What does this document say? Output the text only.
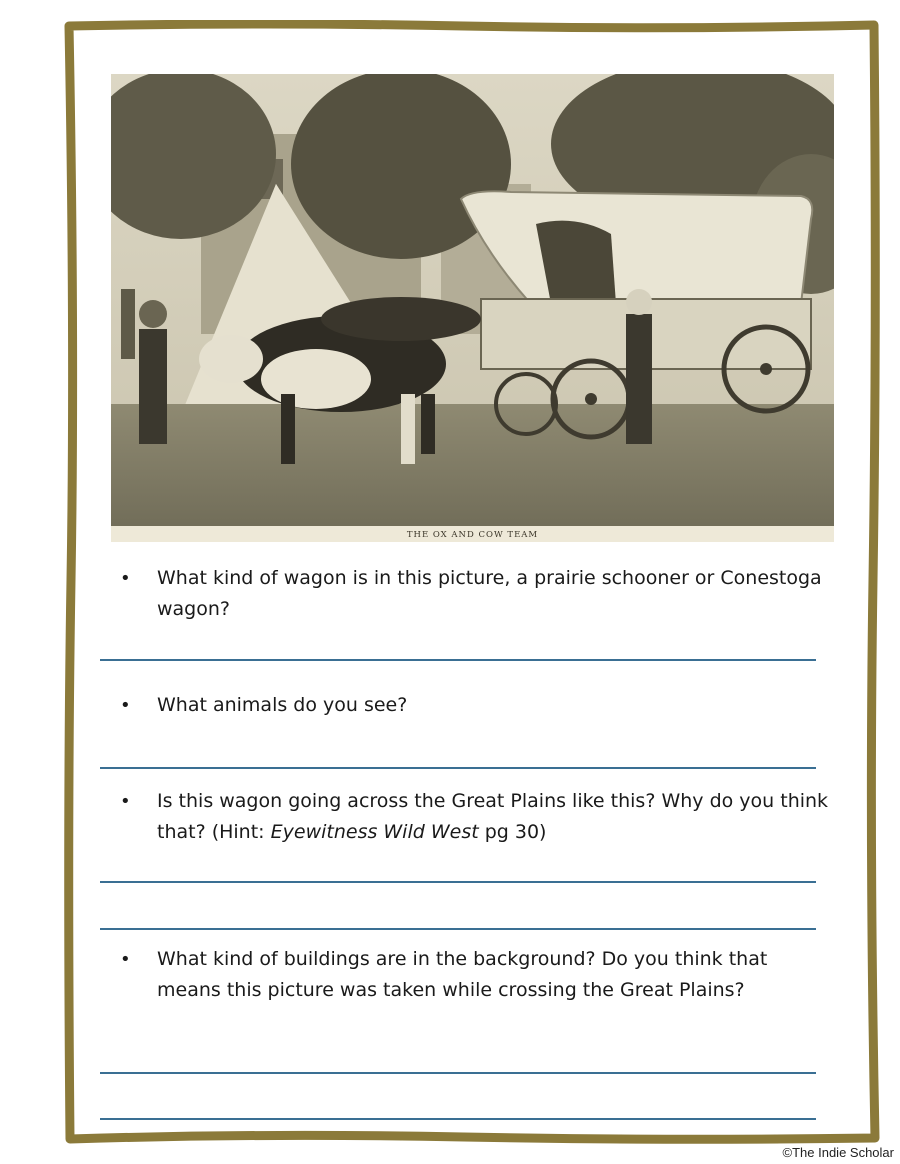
THE OX AND COW TEAM
• What kind of wagon is in this picture, a prairie schooner or Conestoga wagon?
• What animals do you see?
• Is this wagon going across the Great Plains like this? Why do you think that? (Hint: Eyewitness Wild West pg 30)
• What kind of buildings are in the background? Do you think that means this picture was taken while crossing the Great Plains?
©The Indie Scholar
